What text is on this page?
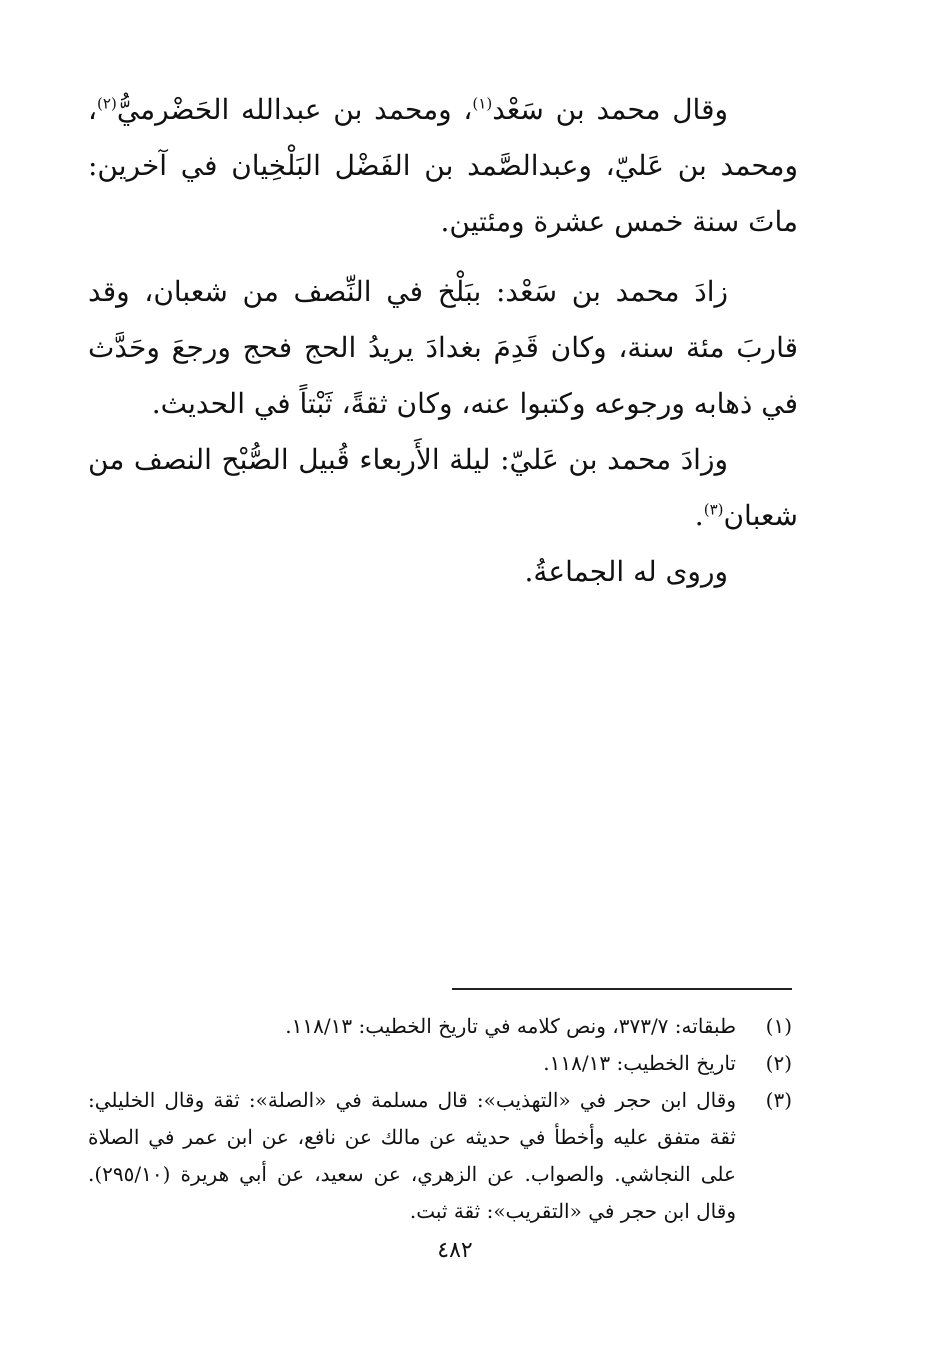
وقال محمد بن سَعْد$^{(١)}$، ومحمد بن عبدالله الحَضْرميُّ$^{(٢)}$، ومحمد بن عَليّ، وعبدالصَّمد بن الفَضْل البَلْخِيان في آخرين: ماتَ سنة خمس عشرة ومئتين.

زادَ محمد بن سَعْد: ببَلْخ في النِّصف من شعبان، وقد قاربَ مئة سنة، وكان قَدِمَ بغدادَ يريدُ الحج فحج ورجعَ وحَدَّث في ذهابه ورجوعه وكتبوا عنه، وكان ثقةً، ثَبْتاً في الحديث.

وزادَ محمد بن عَليّ: ليلة الأَربعاء قُبيل الصُّبْح النصف من شعبان$^{(٣)}$.

وروى له الجماعةُ.

(١)
طبقاته: ٣٧٣/٧، ونص كلامه في تاريخ الخطيب: ١١٨/١٣.
(٢)
تاريخ الخطيب: ١١٨/١٣.
(٣)
وقال ابن حجر في «التهذيب»: قال مسلمة في «الصلة»: ثقة وقال الخليلي: ثقة متفق عليه وأخطأ في حديثه عن مالك عن نافع، عن ابن عمر في الصلاة على النجاشي. والصواب. عن الزهري، عن سعيد، عن أبي هريرة (٢٩٥/١٠). وقال ابن حجر في «التقريب»: ثقة ثبت.
٤٨٢
